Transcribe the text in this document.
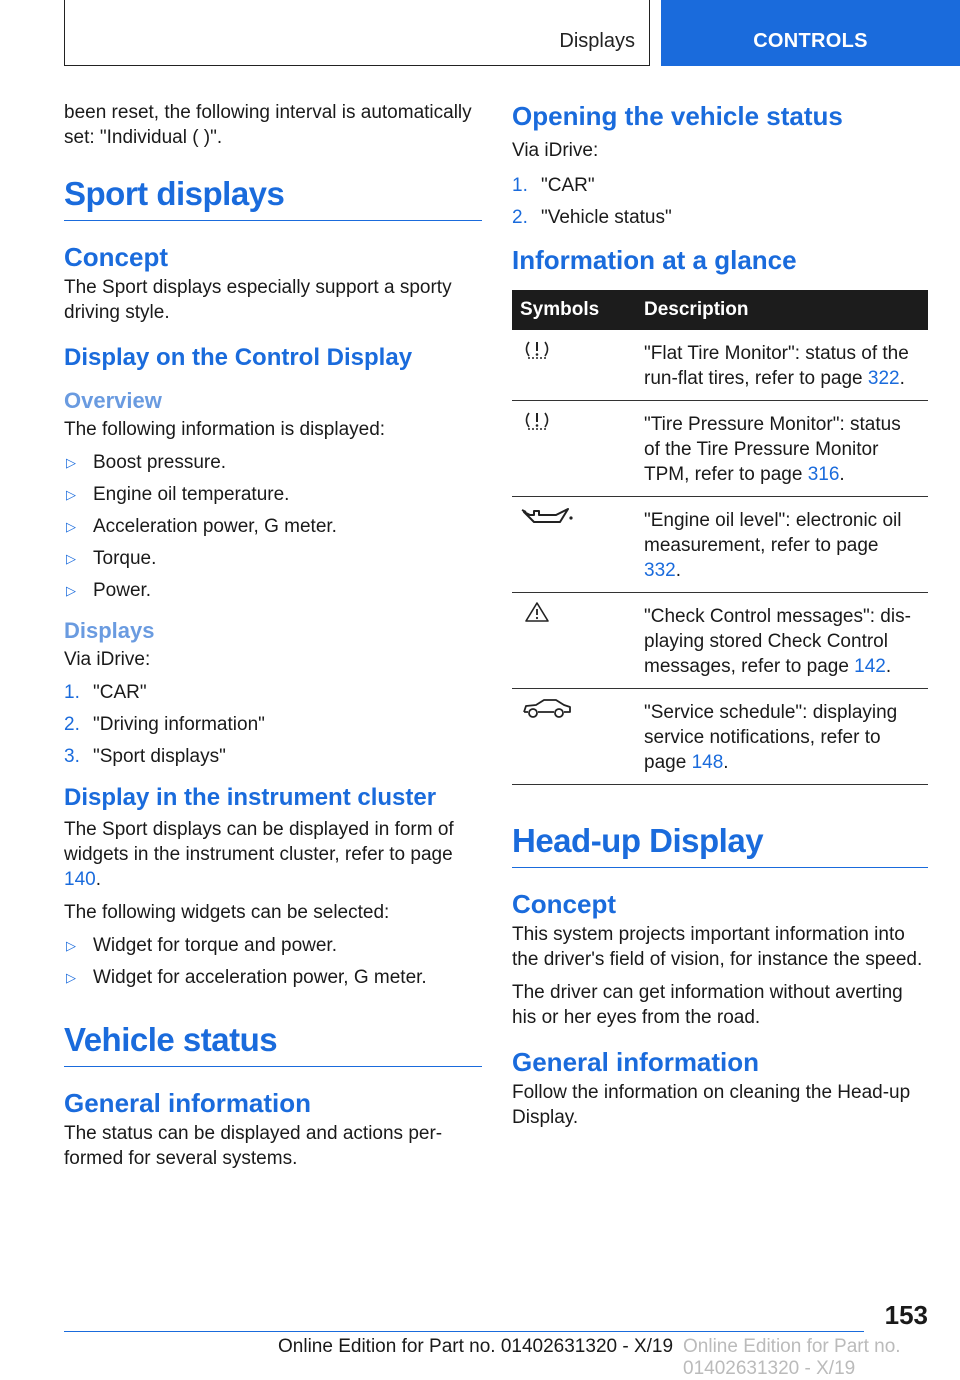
Displays	CONTROLS

been reset, the following interval is automatically set: "Individual ( )".

Sport displays
Concept

The Sport displays especially support a sporty driving style.

Display on the Control Display
Overview

The following information is displayed:

▷ Boost pressure.
▷ Engine oil temperature.
▷ Acceleration power, G meter.
▷ Torque.
▷ Power.
Displays

Via iDrive:

1. "CAR"
2. "Driving information"
3. "Sport displays"
Display in the instrument cluster

The Sport displays can be displayed in form of widgets in the instrument cluster, refer to page 140.

The following widgets can be selected:

▷ Widget for torque and power.
▷ Widget for acceleration power, G meter.
Vehicle status
General information

The status can be displayed and actions performed for several systems.

Opening the vehicle status

Via iDrive:

1. "CAR"
2. "Vehicle status"
Information at a glance
Symbols	Description
	"Flat Tire Monitor": status of the run-flat tires, refer to page 322.
	"Tire Pressure Monitor": status of the Tire Pressure Monitor TPM, refer to page 316.
	"Engine oil level": electronic oil measurement, refer to page 332.
	"Check Control messages": displaying stored Check Control messages, refer to page 142.
	"Service schedule": displaying service notifications, refer to page 148.
Head-up Display
Concept

This system projects important information into the driver's field of vision, for instance the speed.

The driver can get information without averting his or her eyes from the road.

General information

Follow the information on cleaning the Head-up Display.

153
Online Edition for Part no. 01402631320 - X/19 Online Edition for Part no. 01402631320 - X/19
